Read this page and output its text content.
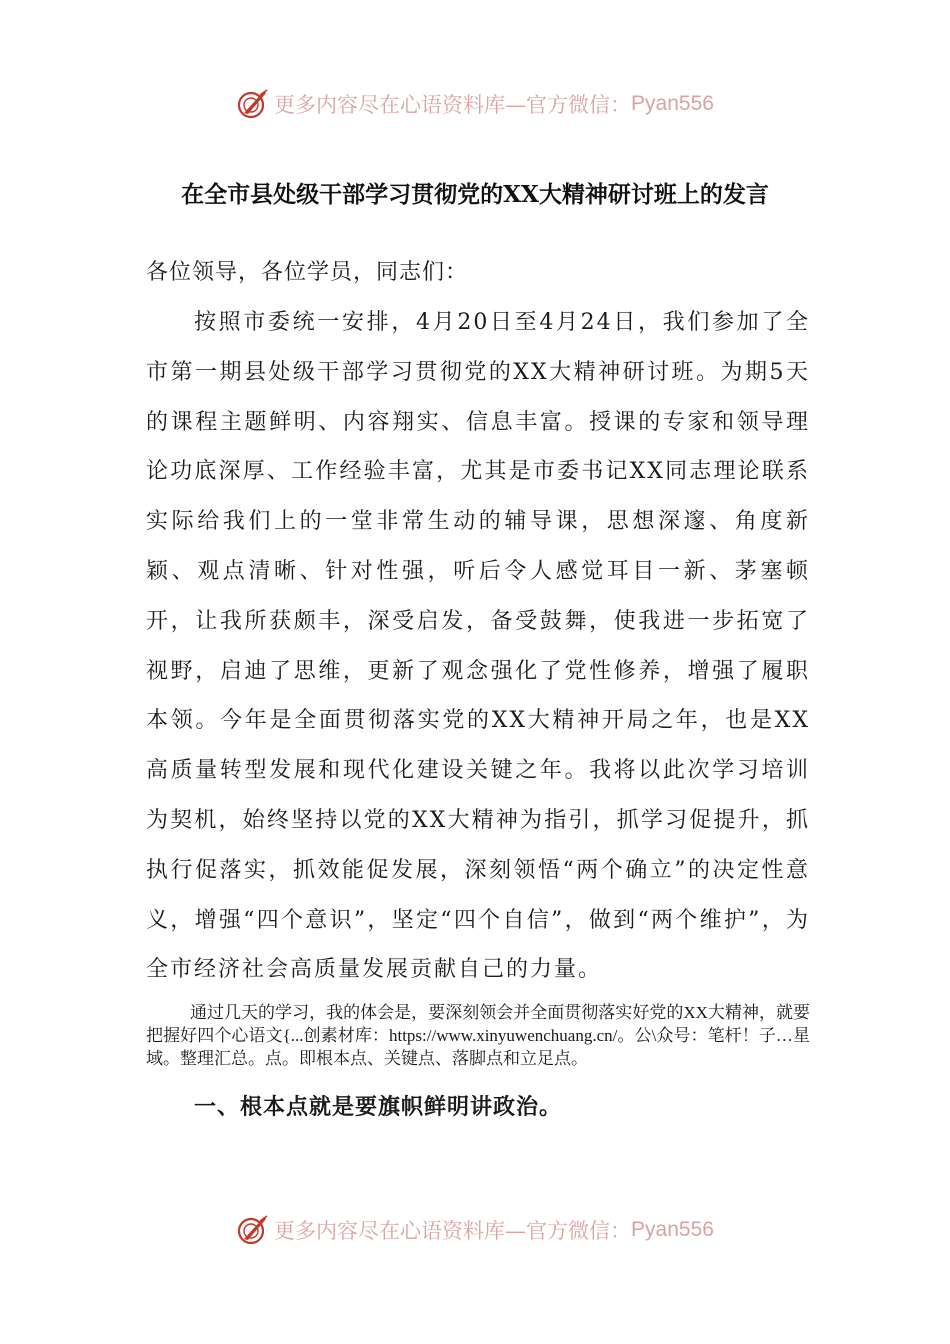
更多内容尽在心语资料库—官方微信： Pyan556
在全市县处级干部学习贯彻党的XX大精神研讨班上的发言

各位领导，各位学员，同志们：

按照市委统一安排，4月20日至4月24日，我们参加了全市第一期县处级干部学习贯彻党的XX大精神研讨班。为期5天的课程主题鲜明、内容翔实、信息丰富。授课的专家和领导理论功底深厚、工作经验丰富，尤其是市委书记XX同志理论联系实际给我们上的一堂非常生动的辅导课，思想深邃、角度新颖、观点清晰、针对性强，听后令人感觉耳目一新、茅塞顿开，让我所获颇丰，深受启发，备受鼓舞，使我进一步拓宽了视野，启迪了思维，更新了观念强化了党性修养，增强了履职本领。今年是全面贯彻落实党的XX大精神开局之年，也是XX高质量转型发展和现代化建设关键之年。我将以此次学习培训为契机，始终坚持以党的XX大精神为指引，抓学习促提升，抓执行促落实，抓效能促发展，深刻领悟“两个确立”的决定性意义，增强“四个意识”，坚定“四个自信”，做到“两个维护”，为全市经济社会高质量发展贡献自己的力量。

通过几天的学习，我的体会是，要深刻领会并全面贯彻落实好党的XX大精神，就要把握好四个心语文{...创素材库：https://www.xinyuwenchuang.cn/。公\众号：笔杆！子…星域。整理汇总。点。即根本点、关键点、落脚点和立足点。

一、根本点就是要旗帜鲜明讲政治。
更多内容尽在心语资料库—官方微信： Pyan556
